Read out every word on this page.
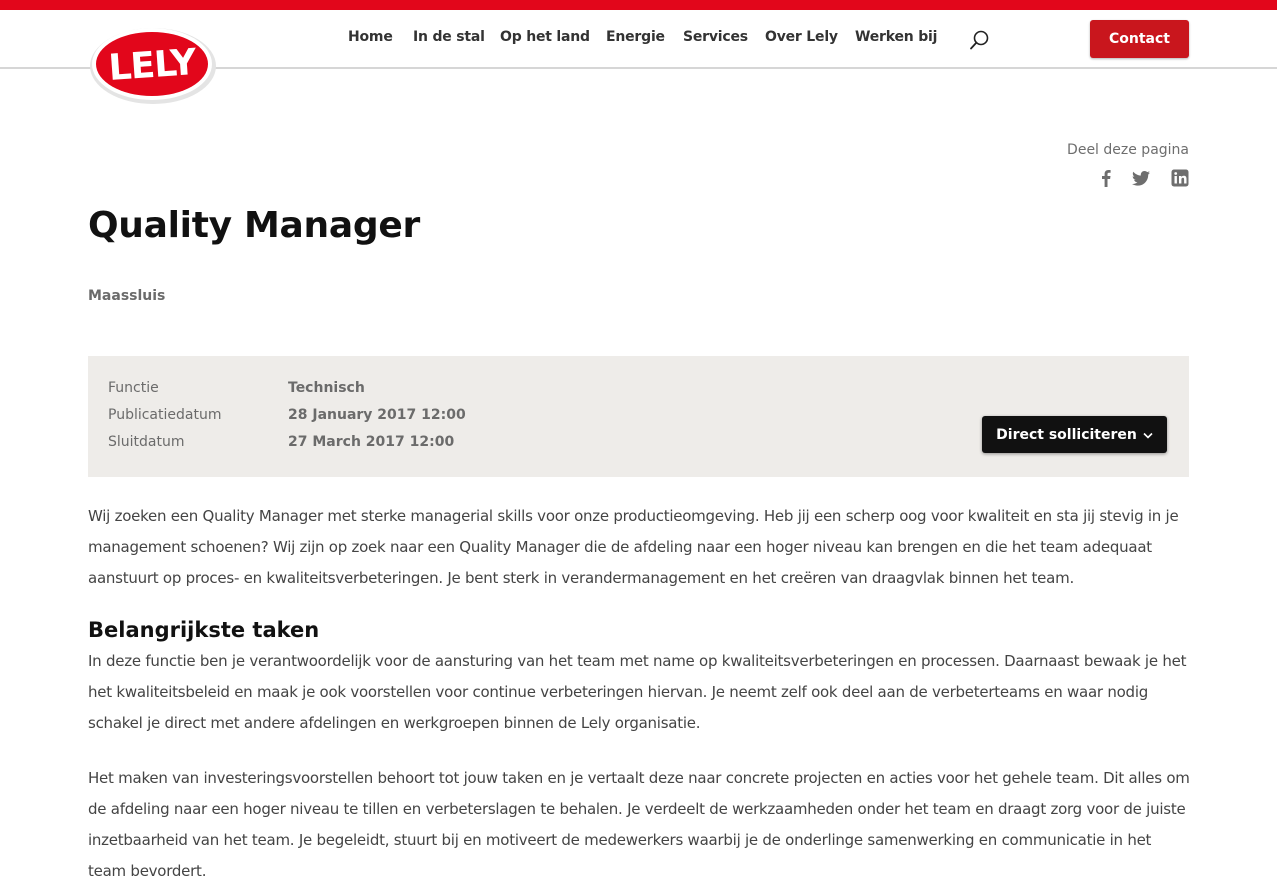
Home In de stal Op het land Energie Services Over Lely Werken bij	Contact
LELY
Deel deze pagina
Quality Manager
Maassluis
Functie	Technisch
Publicatiedatum	28 January 2017 12:00
Sluitdatum	27 March 2017 12:00	Direct solliciteren

Wij zoeken een Quality Manager met sterke managerial skills voor onze productieomgeving. Heb jij een scherp oog voor kwaliteit en sta jij stevig in je management schoenen? Wij zijn op zoek naar een Quality Manager die de afdeling naar een hoger niveau kan brengen en die het team adequaat aanstuurt op proces- en kwaliteitsverbeteringen. Je bent sterk in verandermanagement en het creëren van draagvlak binnen het team.

Belangrijkste taken

In deze functie ben je verantwoordelijk voor de aansturing van het team met name op kwaliteitsverbeteringen en processen. Daarnaast bewaak je het het kwaliteitsbeleid en maak je ook voorstellen voor continue verbeteringen hiervan. Je neemt zelf ook deel aan de verbeterteams en waar nodig schakel je direct met andere afdelingen en werkgroepen binnen de Lely organisatie.

Het maken van investeringsvoorstellen behoort tot jouw taken en je vertaalt deze naar concrete projecten en acties voor het gehele team. Dit alles om de afdeling naar een hoger niveau te tillen en verbeterslagen te behalen. Je verdeelt de werkzaamheden onder het team en draagt zorg voor de juiste inzetbaarheid van het team. Je begeleidt, stuurt bij en motiveert de medewerkers waarbij je de onderlinge samenwerking en communicatie in het team bevordert.
